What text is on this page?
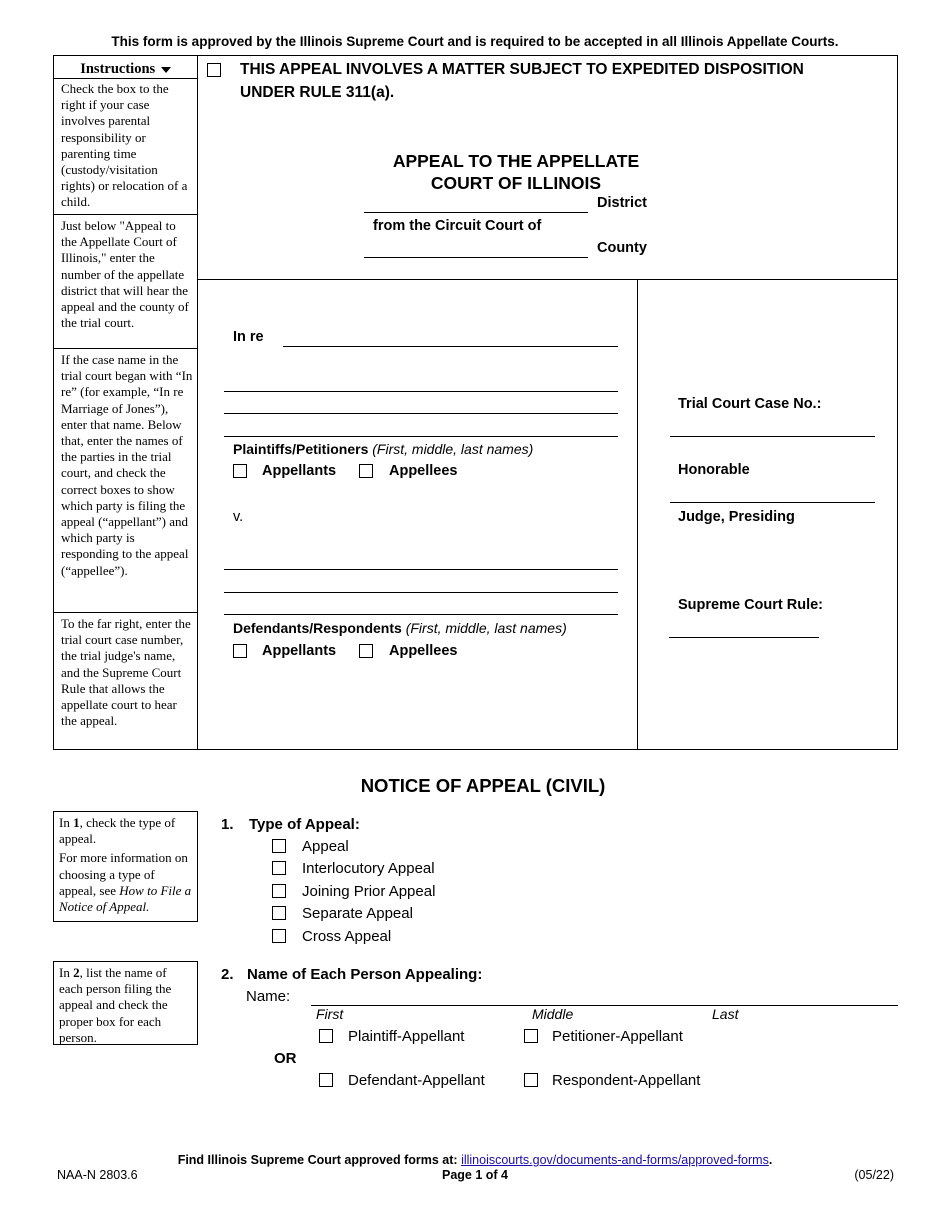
This form is approved by the Illinois Supreme Court and is required to be accepted in all Illinois Appellate Courts.
Instructions
Check the box to the right if your case involves parental responsibility or parenting time (custody/visitation rights) or relocation of a child.
Just below "Appeal to the Appellate Court of Illinois," enter the number of the appellate district that will hear the appeal and the county of the trial court.
If the case name in the trial court began with “In re” (for example, “In re Marriage of Jones”), enter that name. Below that, enter the names of the parties in the trial court, and check the correct boxes to show which party is filing the appeal (“appellant”) and which party is responding to the appeal (“appellee”).
To the far right, enter the trial court case number, the trial judge's name, and the Supreme Court Rule that allows the appellate court to hear the appeal.
THIS APPEAL INVOLVES A MATTER SUBJECT TO EXPEDITED DISPOSITION
UNDER RULE 311(a).
APPEAL TO THE APPELLATE
COURT OF ILLINOIS
District
from the Circuit Court of
County
In re
Plaintiffs/Petitioners (First, middle, last names)
Appellants	Appellees
v.
Defendants/Respondents (First, middle, last names)
Appellants	Appellees
Trial Court Case No.:
Honorable
Judge, Presiding
Supreme Court Rule:
NOTICE OF APPEAL (CIVIL)
In 1, check the type of appeal.
For more information on choosing a type of appeal, see How to File a Notice of Appeal.
1. Type of Appeal:
Appeal
Interlocutory Appeal
Joining Prior Appeal
Separate Appeal
Cross Appeal
In 2, list the name of each person filing the appeal and check the proper box for each person.
2. Name of Each Person Appealing:
Name:
First	Middle	Last
Plaintiff-Appellant	Petitioner-Appellant
OR
Defendant-Appellant	Respondent-Appellant
Find Illinois Supreme Court approved forms at: illinoiscourts.gov/documents-and-forms/approved-forms.
NAA-N 2803.6	Page 1 of 4	(05/22)
